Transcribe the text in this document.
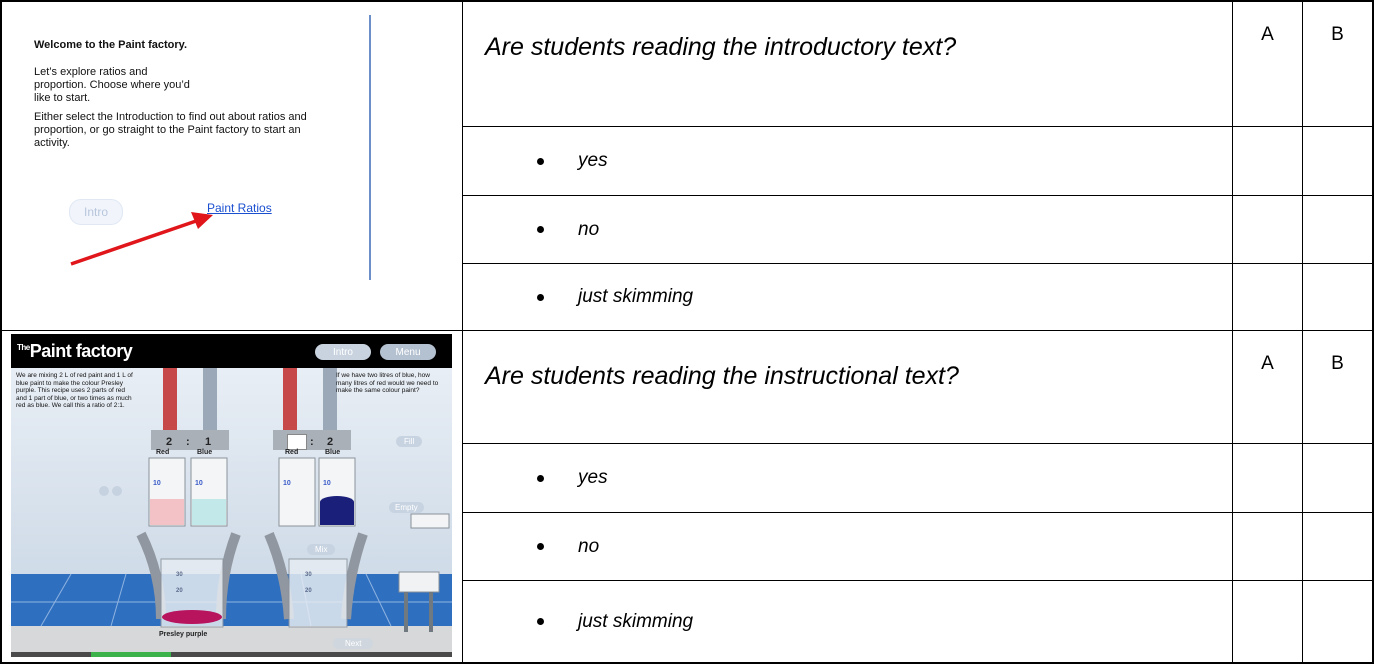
Are students reading the introductory text?	A	B
yes
no
just skimming
Are students reading the instructional text?	A	B
yes
no
just skimming
Welcome to the Paint factory.
Let’s explore ratios and proportion. Choose where you’d like to start.
Either select the Introduction to find out about ratios and proportion, or go straight to the Paint factory to start an activity.
Intro	Paint Ratios
$^{The}$Paint factory	Intro	Menu
We are mixing 2 L of red paint and 1 L of blue paint to make the colour Presley purple. This recipe uses 2 parts of red and 1 part of blue, or two times as much red as blue. We call this a ratio of 2:1.
If we have two litres of blue, how many litres of red would we need to make the same colour paint?
2 : 1	: 2
Red	Blue	Red	Blue
10	10	10	10
30
20
30
20
Fill
Empty
Mix
Presley purple
Next
